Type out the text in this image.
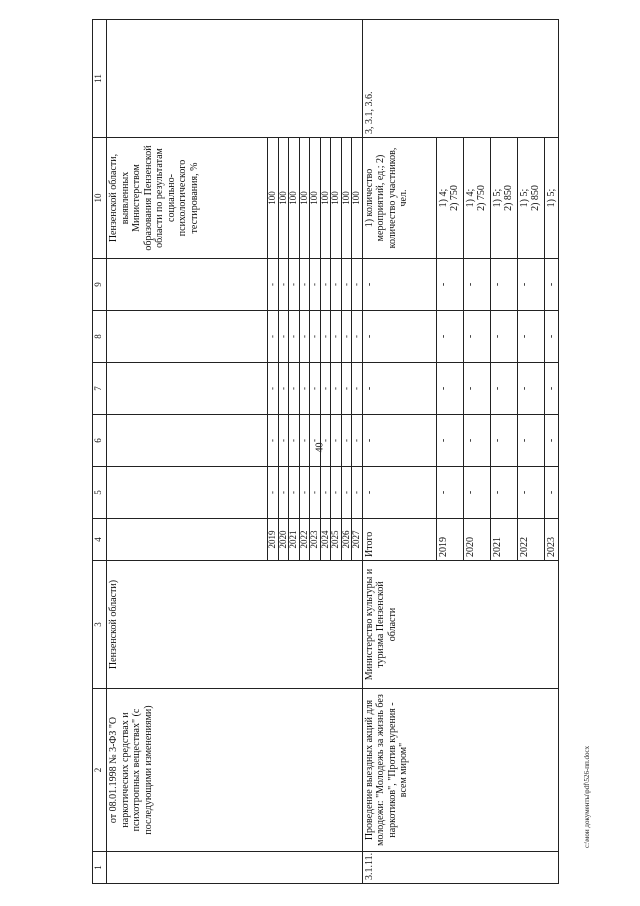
40
c:\мои документы\pdf\526-пп.docx
1	2	3	4	5	6	7	8	9	10	11
	от 08.01.1998 № 3-ФЗ "О наркотических средствах и психотропных веществах" (с последующими изменениями)	Пензенской области)							Пензенской области, выявленных Министерством образования Пензенской области по результатам социально-психологического тестирования, %	
			2019	-	-	-	-	-	100	
			2020	-	-	-	-	-	100	
			2021	-	-	-	-	-	100	
			2022	-	-	-	-	-	100	
			2023	-	-	-	-	-	100	
			2024	-	-	-	-	-	100	
			2025	-	-	-	-	-	100	
			2026	-	-	-	-	-	100	
			2027	-	-	-	-	-	100	
3.1.11.	Проведение выездных акций для молодежи: "Молодежь за жизнь без наркотиков", "Против курения - всем миром"	Министерство культуры и туризма Пензенской области	Итого	-	-	-	-	-	1) количество мероприятий, ед.; 2) количество участников, чел.	3, 3.1, 3.6.
			2019	-	-	-	-	-	1) 4; 2) 750	

			2020	-	-	-	-	-	1) 4; 2) 750	

			2021	-	-	-	-	-	1) 5; 2) 850	

			2022	-	-	-	-	-	1) 5; 2) 850	

			2023	-	-	-	-	-	1) 5;	
